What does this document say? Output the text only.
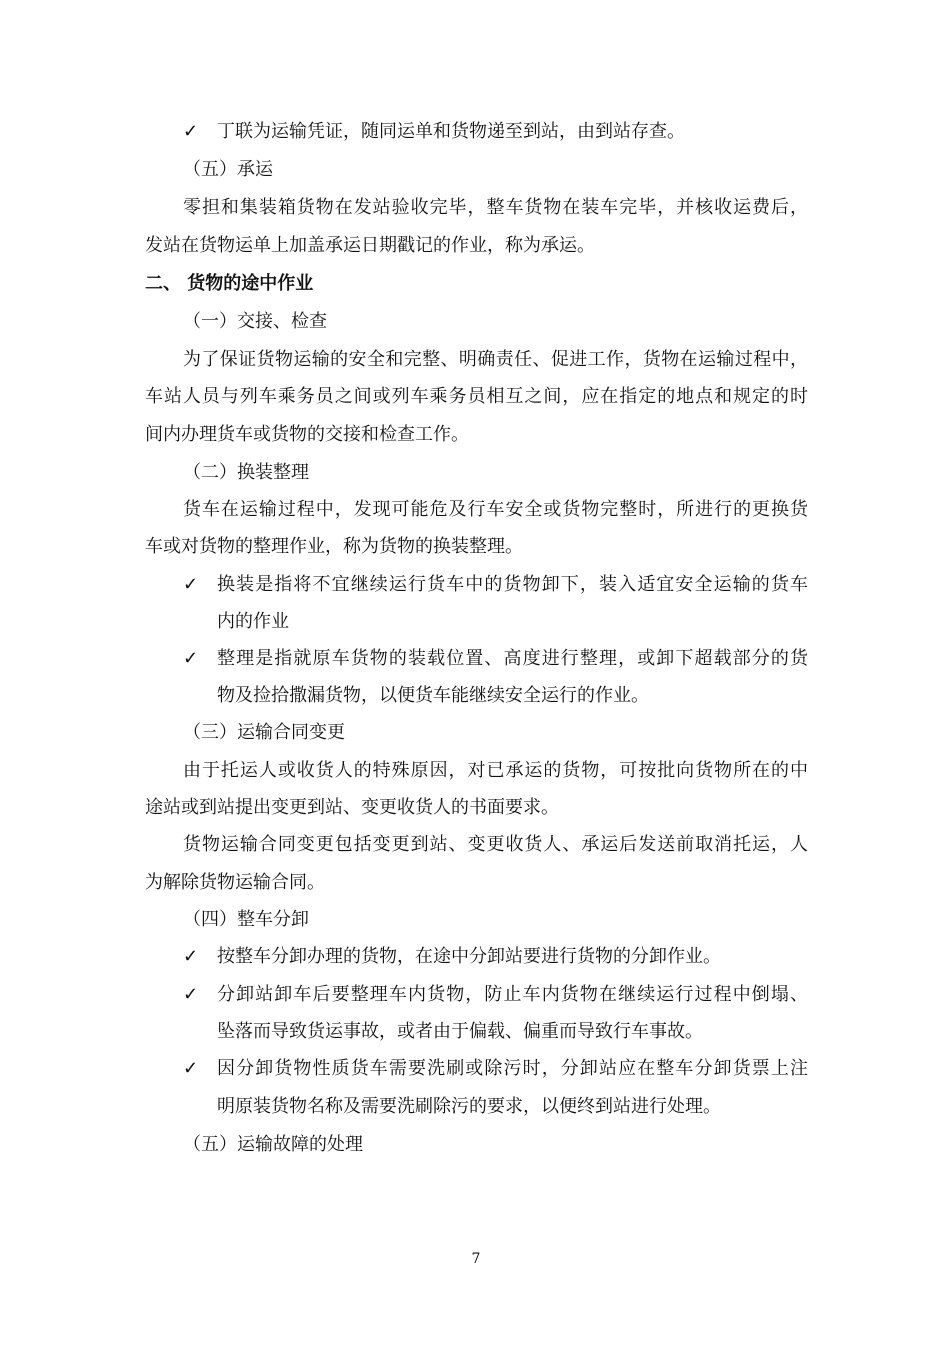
✓ 丁联为运输凭证，随同运单和货物递至到站，由到站存查。
（五）承运
零担和集装箱货物在发站验收完毕，整车货物在装车完毕，并核收运费后，
发站在货物运单上加盖承运日期戳记的作业，称为承运。
二、 货物的途中作业
（一）交接、检查
为了保证货物运输的安全和完整、明确责任、促进工作，货物在运输过程中，
车站人员与列车乘务员之间或列车乘务员相互之间，应在指定的地点和规定的时
间内办理货车或货物的交接和检查工作。
（二）换装整理
货车在运输过程中，发现可能危及行车安全或货物完整时，所进行的更换货
车或对货物的整理作业，称为货物的换装整理。
✓ 换装是指将不宜继续运行货车中的货物卸下，装入适宜安全运输的货车
内的作业
✓ 整理是指就原车货物的装载位置、高度进行整理，或卸下超载部分的货
物及捡拾撒漏货物，以便货车能继续安全运行的作业。
（三）运输合同变更
由于托运人或收货人的特殊原因，对已承运的货物，可按批向货物所在的中
途站或到站提出变更到站、变更收货人的书面要求。
货物运输合同变更包括变更到站、变更收货人、承运后发送前取消托运，人
为解除货物运输合同。
（四）整车分卸
✓ 按整车分卸办理的货物，在途中分卸站要进行货物的分卸作业。
✓ 分卸站卸车后要整理车内货物，防止车内货物在继续运行过程中倒塌、
坠落而导致货运事故，或者由于偏载、偏重而导致行车事故。
✓ 因分卸货物性质货车需要洗刷或除污时，分卸站应在整车分卸货票上注
明原装货物名称及需要洗刷除污的要求，以便终到站进行处理。
（五）运输故障的处理
7
